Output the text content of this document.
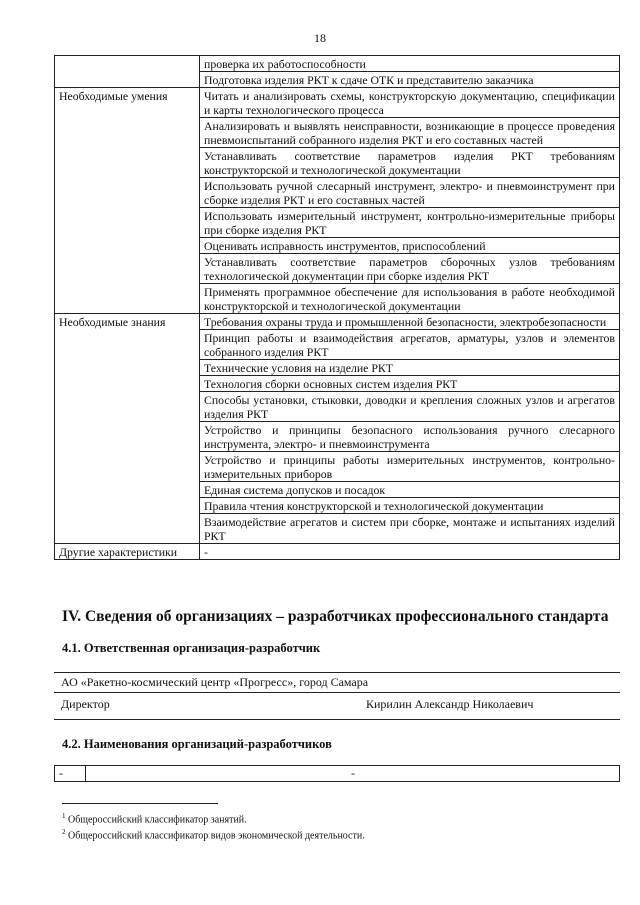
18
	проверка их работоспособности
	Подготовка изделия РКТ к сдаче ОТК и представителю заказчика
Необходимые умения	Читать и анализировать схемы, конструкторскую документацию, спецификации и карты технологического процесса
	Анализировать и выявлять неисправности, возникающие в процессе проведения пневмоиспытаний собранного изделия РКТ и его составных частей
	Устанавливать соответствие параметров изделия РКТ требованиям конструкторской и технологической документации
	Использовать ручной слесарный инструмент, электро- и пневмоинструмент при сборке изделия РКТ и его составных частей
	Использовать измерительный инструмент, контрольно-измерительные приборы при сборке изделия РКТ
	Оценивать исправность инструментов, приспособлений
	Устанавливать соответствие параметров сборочных узлов требованиям технологической документации при сборке изделия РКТ
	Применять программное обеспечение для использования в работе необходимой конструкторской и технологической документации
Необходимые знания	Требования охраны труда и промышленной безопасности, электробезопасности
	Принцип работы и взаимодействия агрегатов, арматуры, узлов и элементов собранного изделия РКТ
	Технические условия на изделие РКТ
	Технология сборки основных систем изделия РКТ
	Способы установки, стыковки, доводки и крепления сложных узлов и агрегатов изделия РКТ
	Устройство и принципы безопасного использования ручного слесарного инструмента, электро- и пневмоинструмента
	Устройство и принципы работы измерительных инструментов, контрольно-измерительных приборов
	Единая система допусков и посадок
	Правила чтения конструкторской и технологической документации
	Взаимодействие агрегатов и систем при сборке, монтаже и испытаниях изделий РКТ
Другие характеристики	-
IV. Сведения об организациях – разработчиках профессионального стандарта
4.1. Ответственная организация-разработчик
АО «Ракетно-космический центр «Прогресс», город Самара
Директор	Кирилин Александр Николаевич
4.2. Наименования организаций-разработчиков
-	-
$^1$ Общероссийский классификатор занятий.
$^2$ Общероссийский классификатор видов экономической деятельности.
